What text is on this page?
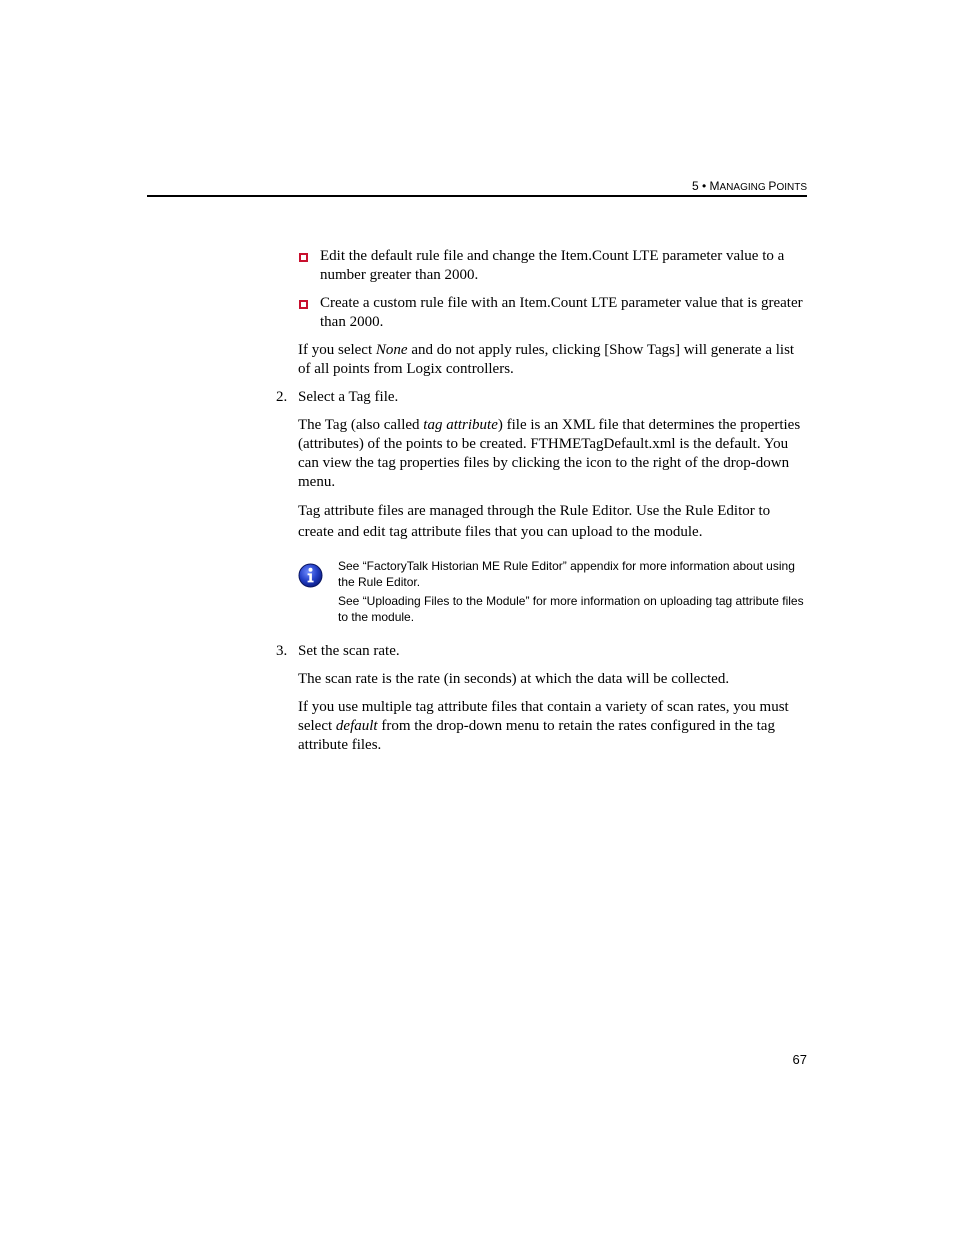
5 • MANAGING POINTS
Edit the default rule file and change the Item.Count LTE parameter value to a number greater than 2000.
Create a custom rule file with an Item.Count LTE parameter value that is greater than 2000.
If you select None and do not apply rules, clicking [Show Tags] will generate a list of all points from Logix controllers.
2. Select a Tag file.
The Tag (also called tag attribute) file is an XML file that determines the properties (attributes) of the points to be created. FTHMETagDefault.xml is the default. You can view the tag properties files by clicking the icon to the right of the drop-down menu.
Tag attribute files are managed through the Rule Editor. Use the Rule Editor to create and edit tag attribute files that you can upload to the module.
See “FactoryTalk Historian ME Rule Editor” appendix for more information about using the Rule Editor.
See “Uploading Files to the Module” for more information on uploading tag attribute files to the module.
3. Set the scan rate.
The scan rate is the rate (in seconds) at which the data will be collected.
If you use multiple tag attribute files that contain a variety of scan rates, you must select default from the drop-down menu to retain the rates configured in the tag attribute files.
67
